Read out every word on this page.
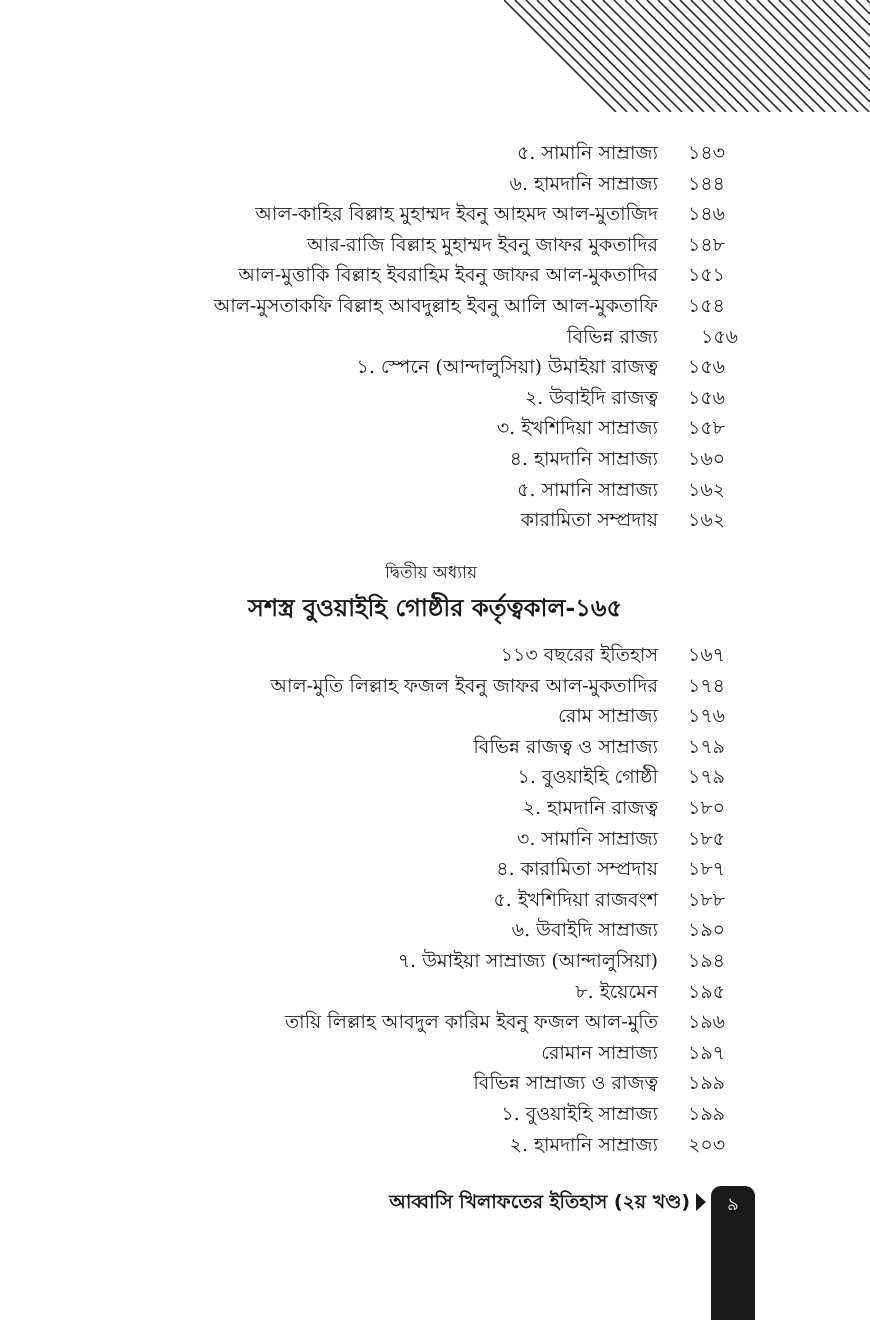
৫. সামানি সাম্রাজ্য ১৪৩
৬. হামদানি সাম্রাজ্য ১৪৪
আল-কাহির বিল্লাহ মুহাম্মদ ইবনু আহমদ আল-মুতাজিদ ১৪৬
আর-রাজি বিল্লাহ মুহাম্মদ ইবনু জাফর মুকতাদির ১৪৮
আল-মুত্তাকি বিল্লাহ ইবরাহিম ইবনু জাফর আল-মুকতাদির ১৫১
আল-মুসতাকফি বিল্লাহ আবদুল্লাহ ইবনু আলি আল-মুকতাফি ১৫৪
বিভিন্ন রাজ্য ১৫৬
১. স্পেনে (আন্দালুসিয়া) উমাইয়া রাজত্ব ১৫৬
২. উবাইদি রাজত্ব ১৫৬
৩. ইখশিদিয়া সাম্রাজ্য ১৫৮
৪. হামদানি সাম্রাজ্য ১৬০
৫. সামানি সাম্রাজ্য ১৬২
কারামিতা সম্প্রদায় ১৬২
দ্বিতীয় অধ্যায়
সশস্ত্র বুওয়াইহি গোষ্ঠীর কর্তৃত্বকাল-১৬৫
১১৩ বছরের ইতিহাস ১৬৭
আল-মুতি লিল্লাহ ফজল ইবনু জাফর আল-মুকতাদির ১৭৪
রোম সাম্রাজ্য ১৭৬
বিভিন্ন রাজত্ব ও সাম্রাজ্য ১৭৯
১. বুওয়াইহি গোষ্ঠী ১৭৯
২. হামদানি রাজত্ব ১৮০
৩. সামানি সাম্রাজ্য ১৮৫
৪. কারামিতা সম্প্রদায় ১৮৭
৫. ইখশিদিয়া রাজবংশ ১৮৮
৬. উবাইদি সাম্রাজ্য ১৯০
৭. উমাইয়া সাম্রাজ্য (আন্দালুসিয়া) ১৯৪
৮. ইয়েমেন ১৯৫
তায়ি লিল্লাহ আবদুল কারিম ইবনু ফজল আল-মুতি ১৯৬
রোমান সাম্রাজ্য ১৯৭
বিভিন্ন সাম্রাজ্য ও রাজত্ব ১৯৯
১. বুওয়াইহি সাম্রাজ্য ১৯৯
২. হামদানি সাম্রাজ্য ২০৩
আব্বাসি খিলাফতের ইতিহাস (২য় খণ্ড)	৯
